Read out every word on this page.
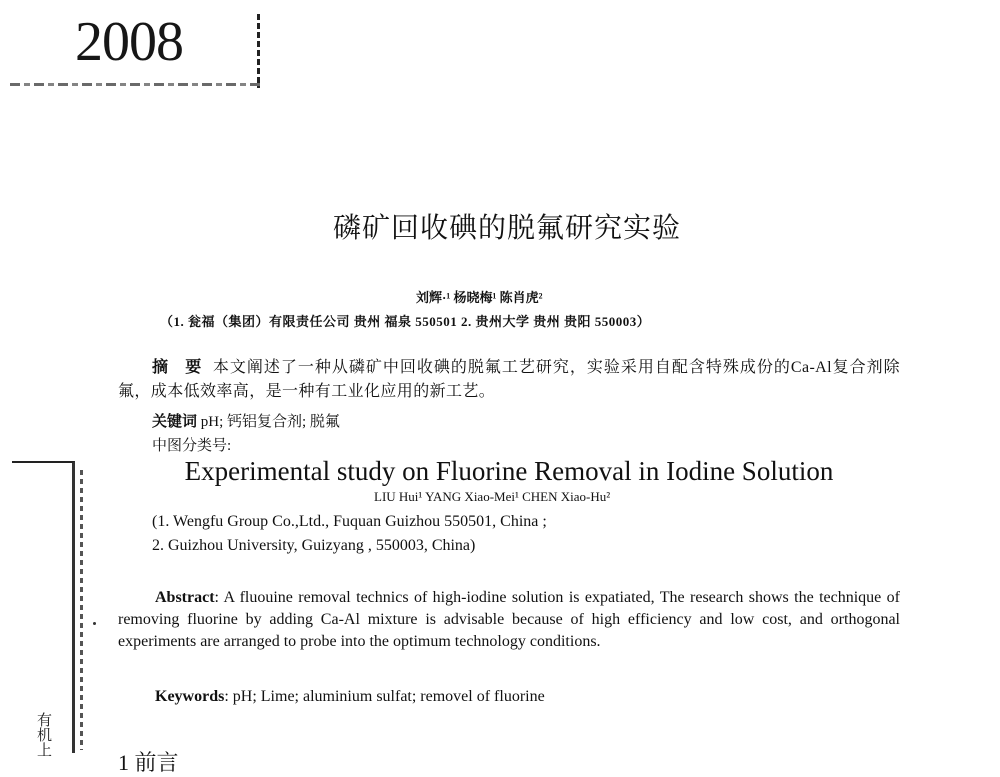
2008
磷矿回收碘的脱氟研究实验
刘辉·¹ 杨晓梅¹ 陈肖虎²
（1. 瓮福（集团）有限责任公司 贵州 福泉 550501 2. 贵州大学 贵州 贵阳 550003）
摘 要 本文阐述了一种从磷矿中回收碘的脱氟工艺研究，实验采用自配含特殊成份的Ca-Al复合剂除氟，成本低效率高，是一种有工业化应用的新工艺。
关键词 pH; 钙铝复合剂; 脱氟
中图分类号:
Experimental study on Fluorine Removal in Iodine Solution
LIU Hui¹ YANG Xiao-Mei¹ CHEN Xiao-Hu²
(1. Wengfu Group Co.,Ltd., Fuquan Guizhou 550501, China ;
2. Guizhou University, Guizyang , 550003, China)
Abstract: A fluouine removal technics of high-iodine solution is expatiated, The research shows the technique of removing fluorine by adding Ca-Al mixture is advisable because of high efficiency and low cost, and orthogonal experiments are arranged to probe into the optimum technology conditions.
Keywords: pH; Lime; aluminium sulfat; removel of fluorine
1 前言
有机上
